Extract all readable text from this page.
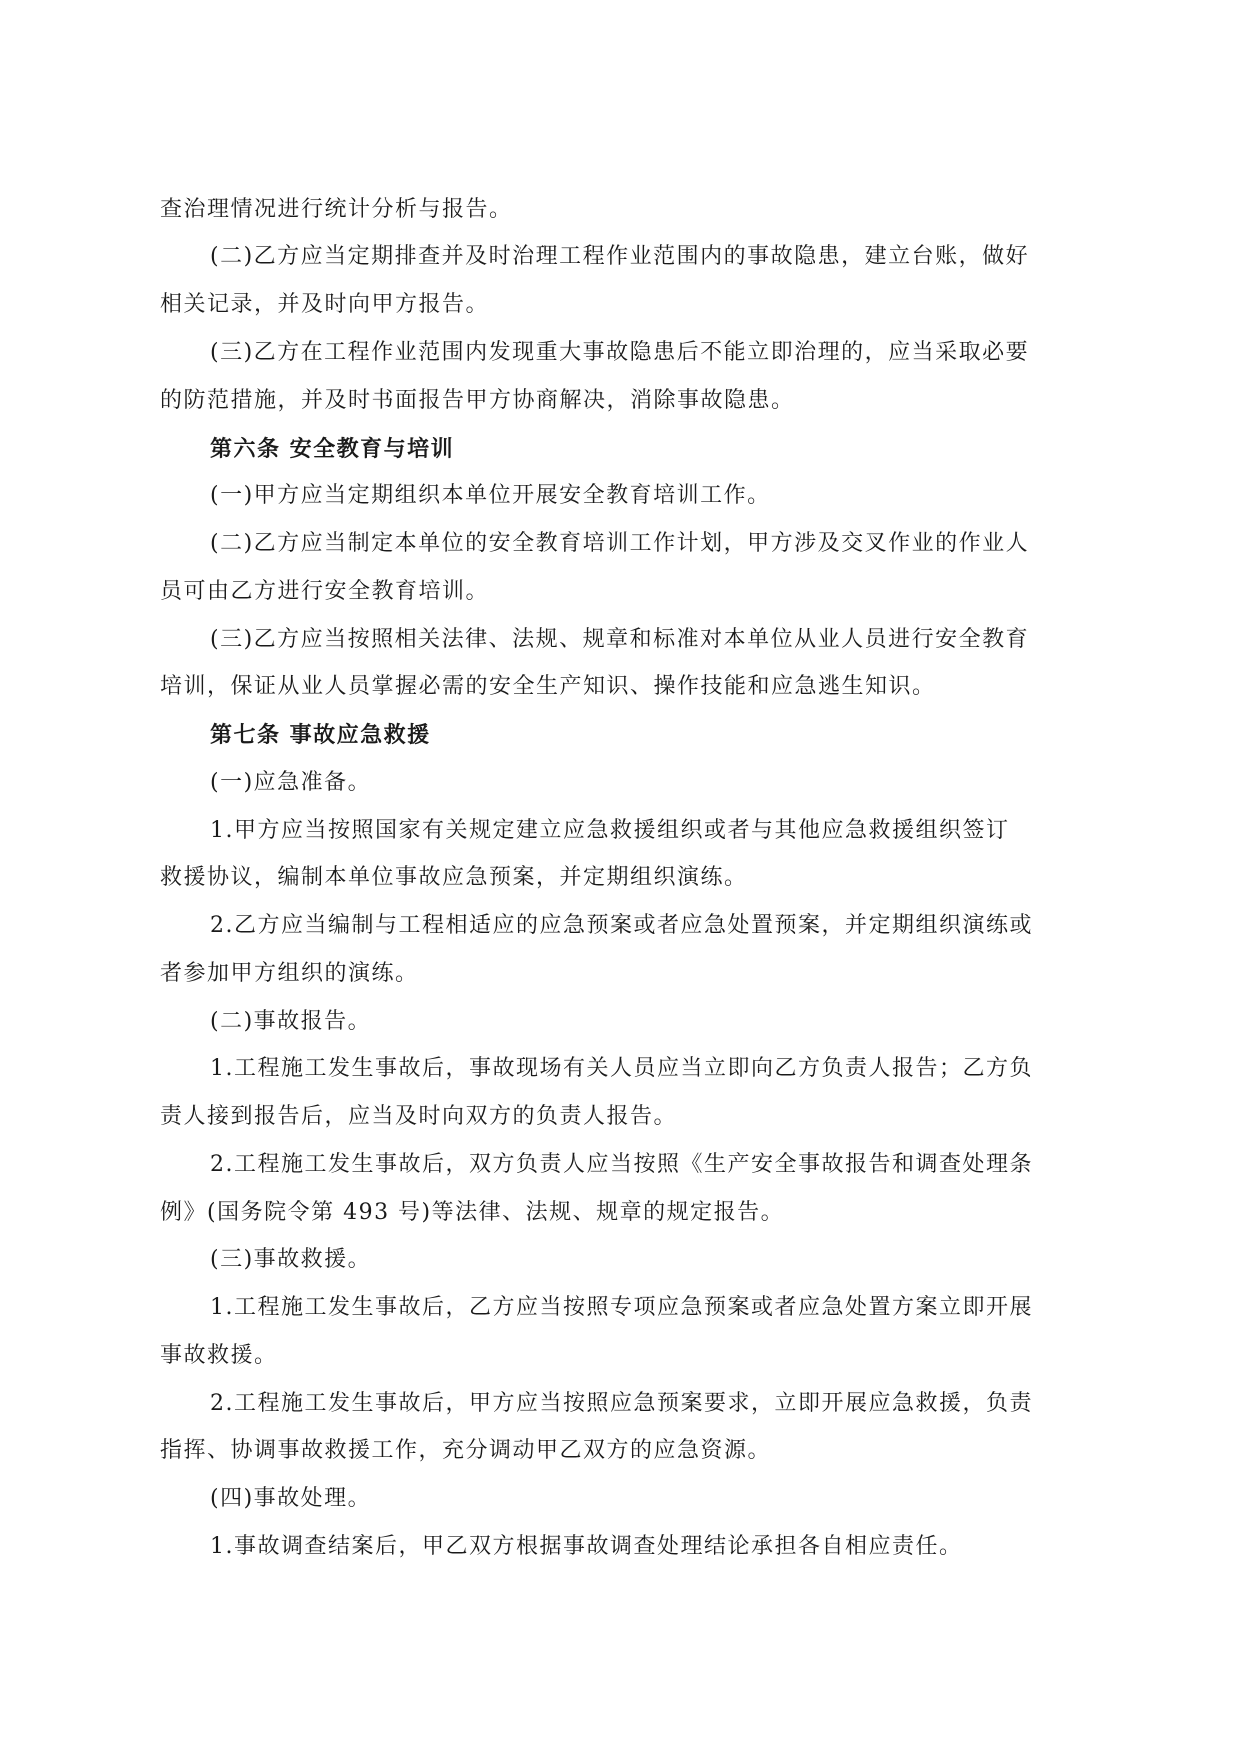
查治理情况进行统计分析与报告。
(二)乙方应当定期排查并及时治理工程作业范围内的事故隐患，建立台账，做好
相关记录，并及时向甲方报告。
(三)乙方在工程作业范围内发现重大事故隐患后不能立即治理的，应当采取必要
的防范措施，并及时书面报告甲方协商解决，消除事故隐患。
第六条 安全教育与培训
(一)甲方应当定期组织本单位开展安全教育培训工作。
(二)乙方应当制定本单位的安全教育培训工作计划，甲方涉及交叉作业的作业人
员可由乙方进行安全教育培训。
(三)乙方应当按照相关法律、法规、规章和标准对本单位从业人员进行安全教育
培训，保证从业人员掌握必需的安全生产知识、操作技能和应急逃生知识。
第七条 事故应急救援
(一)应急准备。
1.甲方应当按照国家有关规定建立应急救援组织或者与其他应急救援组织签订
救援协议，编制本单位事故应急预案，并定期组织演练。
2.乙方应当编制与工程相适应的应急预案或者应急处置预案，并定期组织演练或
者参加甲方组织的演练。
(二)事故报告。
1.工程施工发生事故后，事故现场有关人员应当立即向乙方负责人报告；乙方负
责人接到报告后，应当及时向双方的负责人报告。
2.工程施工发生事故后，双方负责人应当按照《生产安全事故报告和调查处理条
例》(国务院令第 493 号)等法律、法规、规章的规定报告。
(三)事故救援。
1.工程施工发生事故后，乙方应当按照专项应急预案或者应急处置方案立即开展
事故救援。
2.工程施工发生事故后，甲方应当按照应急预案要求，立即开展应急救援，负责
指挥、协调事故救援工作，充分调动甲乙双方的应急资源。
(四)事故处理。
1.事故调查结案后，甲乙双方根据事故调查处理结论承担各自相应责任。
